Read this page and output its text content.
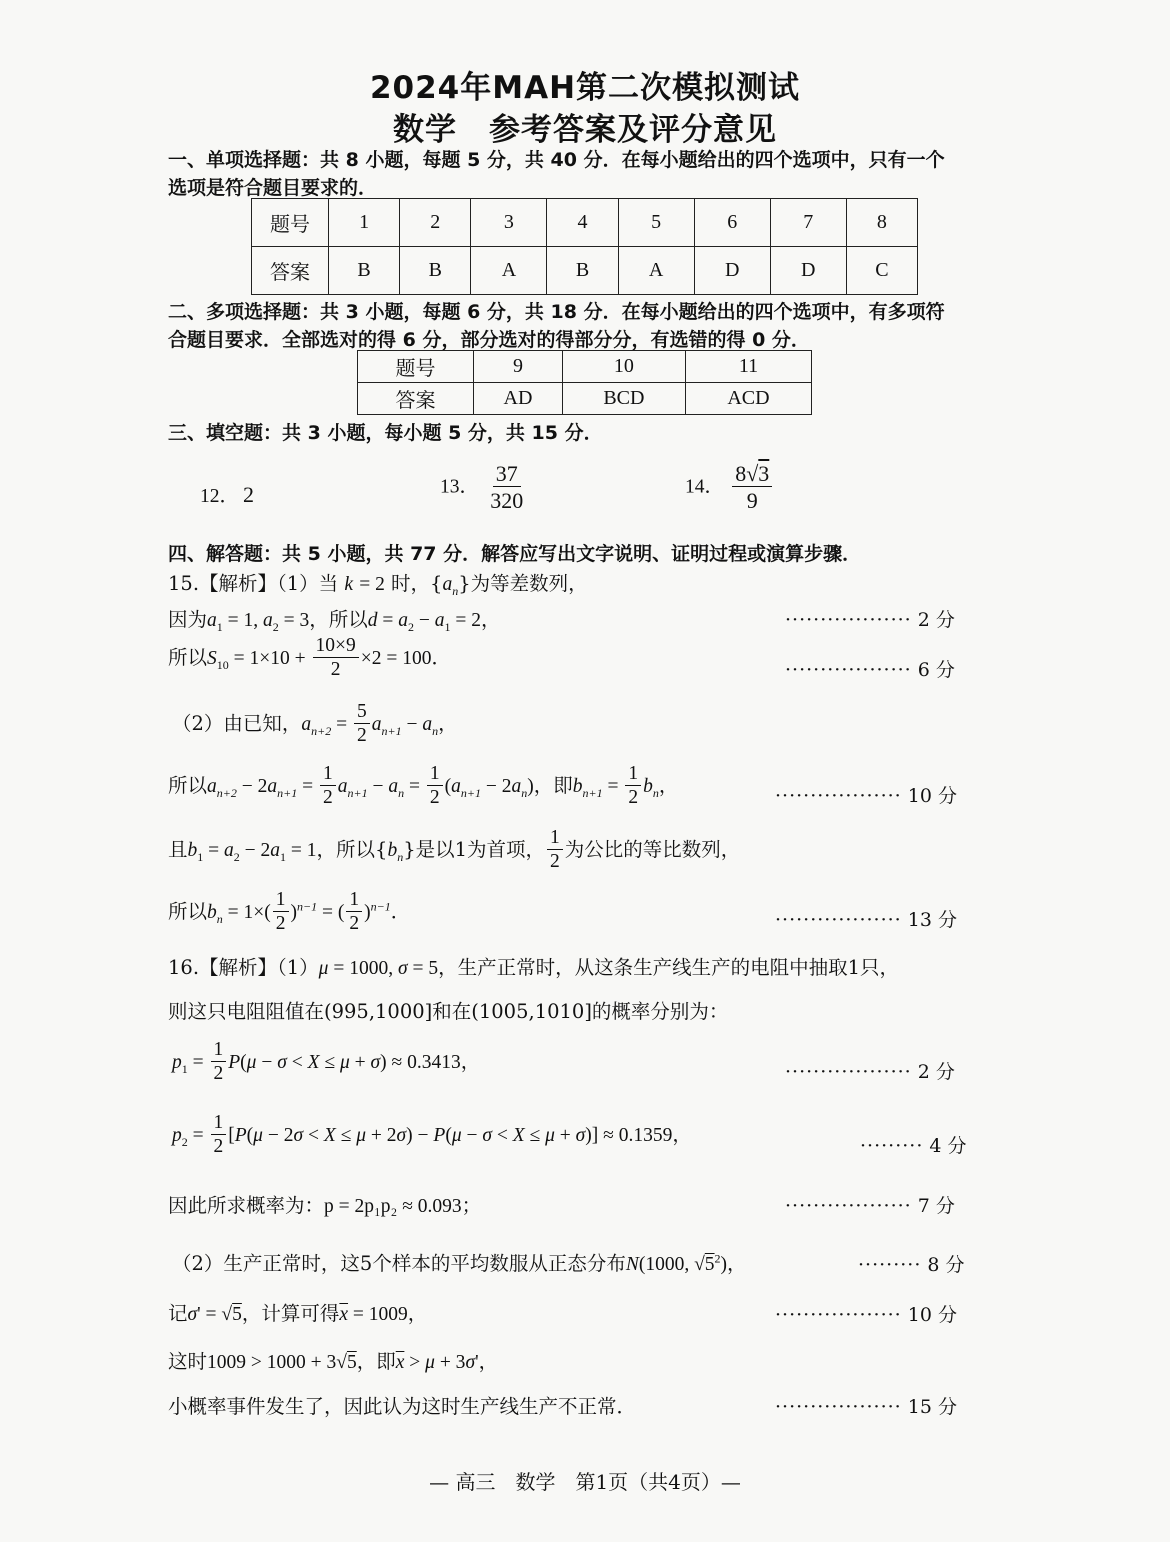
2024年MAH第二次模拟测试
数学　参考答案及评分意见
一、单项选择题：共 8 小题，每题 5 分，共 40 分．在每小题给出的四个选项中，只有一个
选项是符合题目要求的．
题号	1	2	3	4	5	6	7	8
答案	B	B	A	B	A	D	D	C
二、多项选择题：共 3 小题，每题 6 分，共 18 分．在每小题给出的四个选项中，有多项符
合题目要求．全部选对的得 6 分，部分选对的得部分分，有选错的得 0 分．
题号	9	10	11
答案	AD	BCD	ACD
三、填空题：共 3 小题，每小题 5 分，共 15 分．
12． 2	13． $\frac{37}{320}$	14． $\frac{8√3}{9}$
四、解答题：共 5 小题，共 77 分．解答应写出文字说明、证明过程或演算步骤．
15.【解析】（1）当 k = 2 时，$\{a_n\}$为等差数列，
因为$a_1 = 1$, $a_2 = 3$，所以$d = a_2 - a_1 = 2$，	·················· 2 分
所以$S_{10} = 1\times 10 + \frac{10\times 9}{2} \times 2 = 100$．
·················· 6 分
（2）由已知，$a_{n+2} = \frac{5}{2} a_{n+1} - a_n$，
所以$a_{n+2} - 2a_{n+1} = \frac{1}{2} a_{n+1} - a_n = \frac{1}{2} (a_{n+1} - 2a_n)$，即$b_{n+1} = \frac{1}{2} b_n$，	·················· 10 分
且$b_1 = a_2 - 2a_1 = 1$，所以$\{b_n\}$是以1为首项， $\frac{1}{2}$ 为公比的等比数列，
所以$b_n = 1\times( \frac{1}{2} )^{n-1}$ = ( $\frac{1}{2} )^{n-1}$．	·················· 13 分
16.【解析】（1）μ = 1000, σ = 5，生产正常时，从这条生产线生产的电阻中抽取1只，
则这只电阻阻值在(995,1000]和在(1005,1010]的概率分别为：
$p_1 = \frac{1}{2} P(\mu - \sigma < X \le \mu + \sigma) \approx 0.3413$，	·················· 2 分
$p_2 = \frac{1}{2} [P(\mu - 2\sigma < X \le \mu + 2\sigma) - P(\mu - \sigma < X \le \mu + \sigma)] \approx 0.1359$，	········· 4 分
因此所求概率为：p = 2p₁p₂ ≈ 0.093；	·················· 7 分
（2）生产正常时，这5个样本的平均数服从正态分布N(1000, $√5^2$)，	········· 8 分
记σ' = √5，计算可得$\overline{x} = 1009$，	·················· 10 分
这时1009 > 1000 + 3√5，即$\overline{x} > \mu + 3\sigma'$，
小概率事件发生了，因此认为这时生产线生产不正常．	·················· 15 分
— 高三　数学　第1页（共4页）—
